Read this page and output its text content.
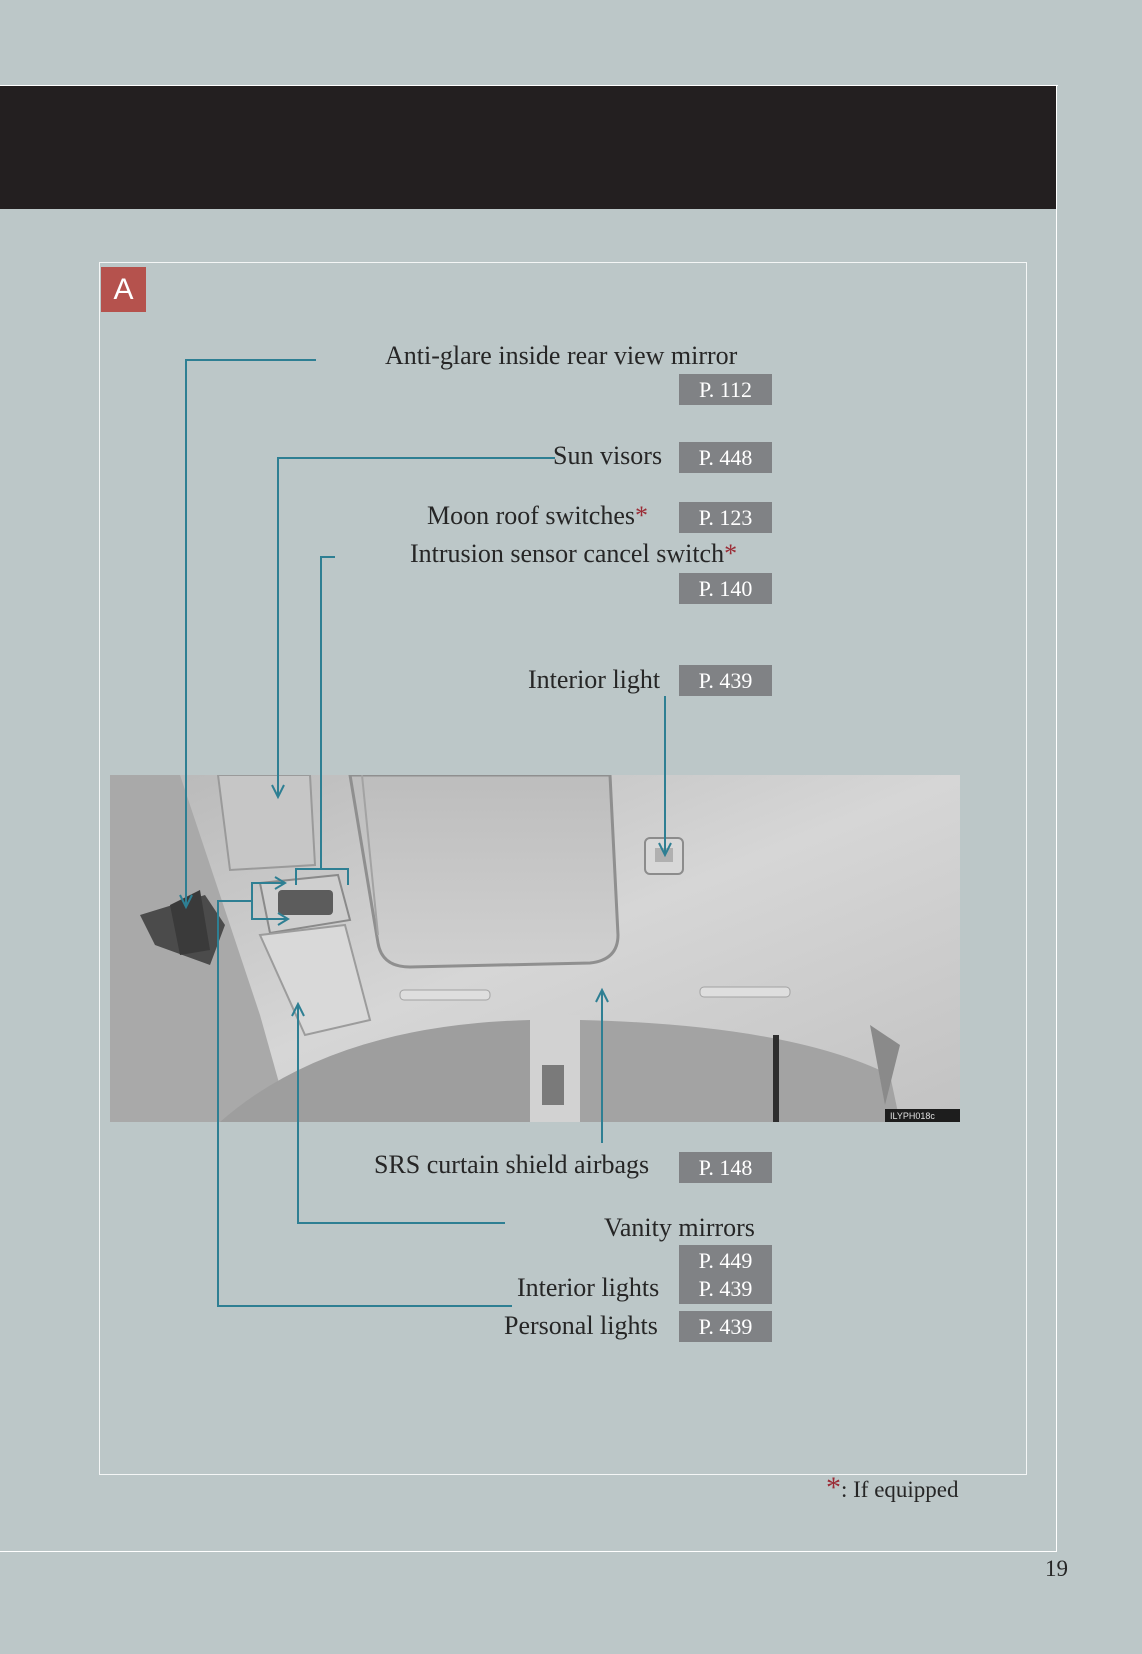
A
ILYPH018c
Anti-glare inside rear view mirror
P. 112
Sun visors	P. 448
Moon roof switches*	P. 123
Intrusion sensor cancel switch*
P. 140
Interior light	P. 439
SRS curtain shield airbags	P. 148
Vanity mirrors
P. 449
Interior lights	P. 439
Personal lights	P. 439
*: If equipped
19
